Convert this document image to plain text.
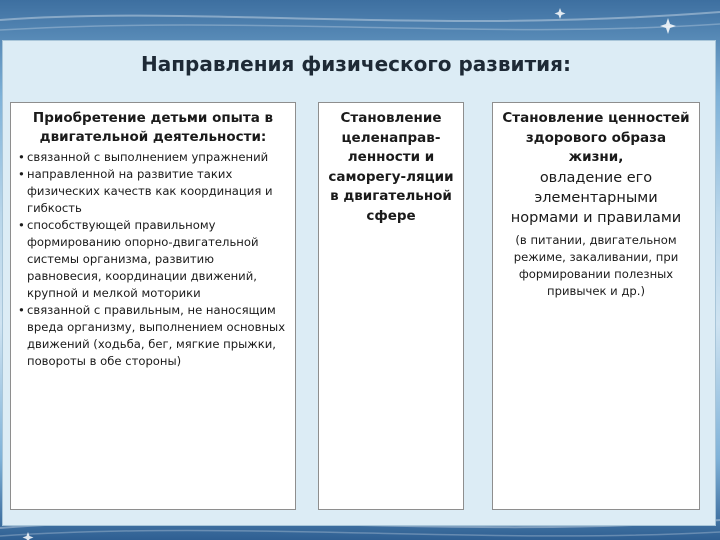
Направления физического развития:
Приобретение детьми опыта в двигательной деятельности:
• связанной с выполнением упражнений
• направленной на развитие таких физических качеств как координация и гибкость
• способствующей правильному формированию опорно-двигательной системы организма, развитию равновесия, координации движений, крупной и мелкой моторики
• связанной с правильным, не наносящим вреда организму, выполнением основных движений (ходьба, бег, мягкие прыжки, повороты в обе стороны)
Становление целенаправ-ленности и саморегу-ляции в двигательной сфере
Становление ценностей здорового образа жизни,
овладение его элементарными нормами и правилами
(в питании, двигательном режиме, закаливании, при формировании полезных привычек и др.)
